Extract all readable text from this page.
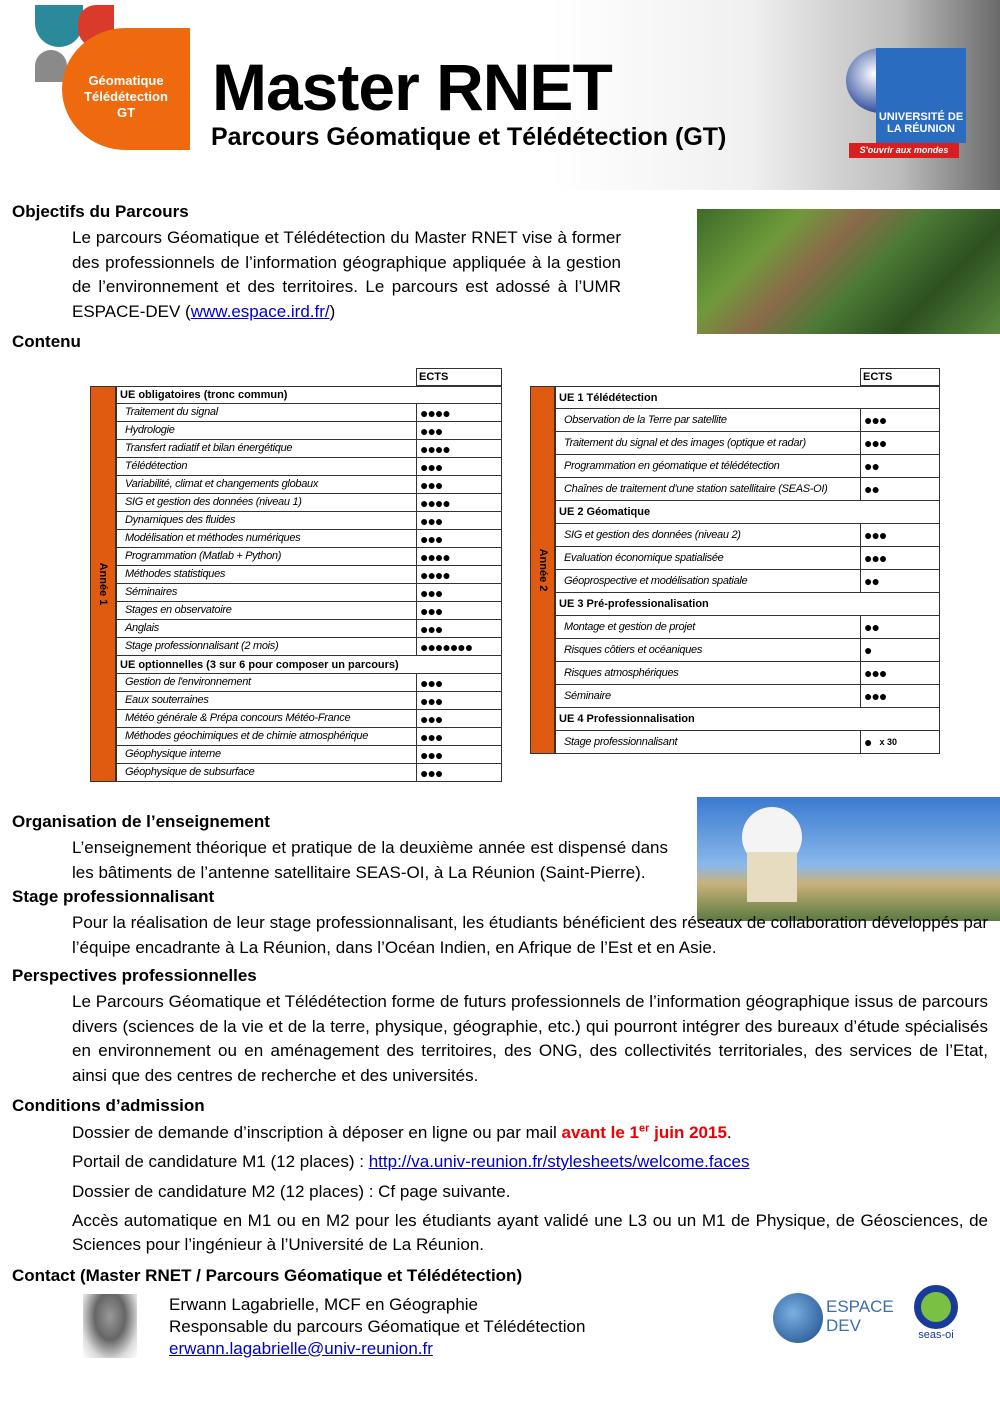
Géomatique
Télédétection
GT	Master RNET
Parcours Géomatique et Télédétection (GT)
UNIVERSITÉ DE
LA RÉUNION
S'ouvrir aux mondes
Objectifs du Parcours
Le parcours Géomatique et Télédétection du Master RNET vise à former des professionnels de l’information géographique appliquée à la gestion de l’environnement et des territoires. Le parcours est adossé à l’UMR ESPACE-DEV (www.espace.ird.fr/)
Contenu
ECTS
Année 1
UE obligatoires (tronc commun)
Traitement du signal	●●●●
Hydrologie	●●●
Transfert radiatif et bilan énergétique	●●●●
Télédétection	●●●
Variabilité, climat et changements globaux	●●●
SIG et gestion des données (niveau 1)	●●●●
Dynamiques des fluides	●●●
Modélisation et méthodes numériques	●●●
Programmation (Matlab + Python)	●●●●
Méthodes statistiques	●●●●
Séminaires	●●●
Stages en observatoire	●●●
Anglais	●●●
Stage professionnalisant (2 mois)	●●●●●●●
UE optionnelles (3 sur 6 pour composer un parcours)
Gestion de l'environnement	●●●
Eaux souterraines	●●●
Météo générale & Prépa concours Météo-France	●●●
Méthodes géochimiques et de chimie atmosphérique	●●●
Géophysique interne	●●●
Géophysique de subsurface	●●●
ECTS
Année 2
UE 1 Télédétection
Observation de la Terre par satellite	●●●
Traitement du signal et des images (optique et radar)	●●●
Programmation en géomatique et télédétection	●●
Chaînes de traitement d'une station satellitaire (SEAS-OI)	●●
UE 2 Géomatique
SIG et gestion des données (niveau 2)	●●●
Evaluation économique spatialisée	●●●
Géoprospective et modélisation spatiale	●●
UE 3 Pré-professionalisation
Montage et gestion de projet	●●
Risques côtiers et océaniques	●
Risques atmosphériques	●●●
Séminaire	●●●
UE 4 Professionnalisation
Stage professionnalisant	● x 30
Organisation de l’enseignement
L’enseignement théorique et pratique de la deuxième année est dispensé dans les bâtiments de l’antenne satellitaire SEAS-OI, à La Réunion (Saint-Pierre).
Stage professionnalisant
Pour la réalisation de leur stage professionnalisant, les étudiants bénéficient des réseaux de collaboration développés par l’équipe encadrante à La Réunion, dans l’Océan Indien, en Afrique de l’Est et en Asie.
Perspectives professionnelles
Le Parcours Géomatique et Télédétection forme de futurs professionnels de l’information géographique issus de parcours divers (sciences de la vie et de la terre, physique, géographie, etc.) qui pourront intégrer des bureaux d’étude spécialisés en environnement ou en aménagement des territoires, des ONG, des collectivités territoriales, des services de l’Etat, ainsi que des centres de recherche et des universités.
Conditions d’admission
Dossier de demande d’inscription à déposer en ligne ou par mail avant le 1er juin 2015.
Portail de candidature M1 (12 places) : http://va.univ-reunion.fr/stylesheets/welcome.faces
Dossier de candidature M2 (12 places) : Cf page suivante.
Accès automatique en M1 ou en M2 pour les étudiants ayant validé une L3 ou un M1 de Physique, de Géosciences, de Sciences pour l’ingénieur à l’Université de La Réunion.
Contact (Master RNET / Parcours Géomatique et Télédétection)
Erwann Lagabrielle, MCF en Géographie
Responsable du parcours Géomatique et Télédétection
erwann.lagabrielle@univ-reunion.fr
ESPACE
DEV	seas-oi
